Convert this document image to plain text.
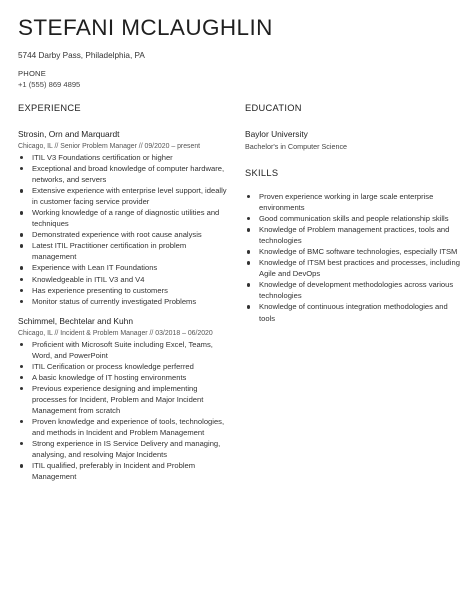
STEFANI MCLAUGHLIN
5744 Darby Pass, Philadelphia, PA
PHONE
+1 (555) 869 4895
EXPERIENCE
Strosin, Orn and Marquardt
Chicago, IL // Senior Problem Manager // 09/2020 – present
ITIL V3 Foundations certification or higher
Exceptional and broad knowledge of computer hardware, networks, and servers
Extensive experience with enterprise level support, ideally in customer facing service provider
Working knowledge of a range of diagnostic utilities and techniques
Demonstrated experience with root cause analysis
Latest ITIL Practitioner certification in problem management
Experience with Lean IT Foundations
Knowledgeable in ITIL V3 and V4
Has experience presenting to customers
Monitor status of currently investigated Problems
Schimmel, Bechtelar and Kuhn
Chicago, IL // Incident & Problem Manager // 03/2018 – 06/2020
Proficient with Microsoft Suite including Excel, Teams, Word, and PowerPoint
ITIL Cerification or process knowledge perferred
A basic knowledge of IT hosting environments
Previous experience designing and implementing processes for Incident, Problem and Major Incident Management from scratch
Proven knowledge and experience of tools, technologies, and methods in Incident and Problem Management
Strong experience in IS Service Delivery and managing, analysing, and resolving Major Incidents
ITIL qualified, preferably in Incident and Problem Management
EDUCATION
Baylor University
Bachelor's in Computer Science
SKILLS
Proven experience working in large scale enterprise environments
Good communication skills and people relationship skills
Knowledge of Problem management practices, tools and technologies
Knowledge of BMC software technologies, especially ITSM
Knowledge of ITSM best practices and processes, including Agile and DevOps
Knowledge of development methodologies across various technologies
Knowledge of continuous integration methodologies and tools
